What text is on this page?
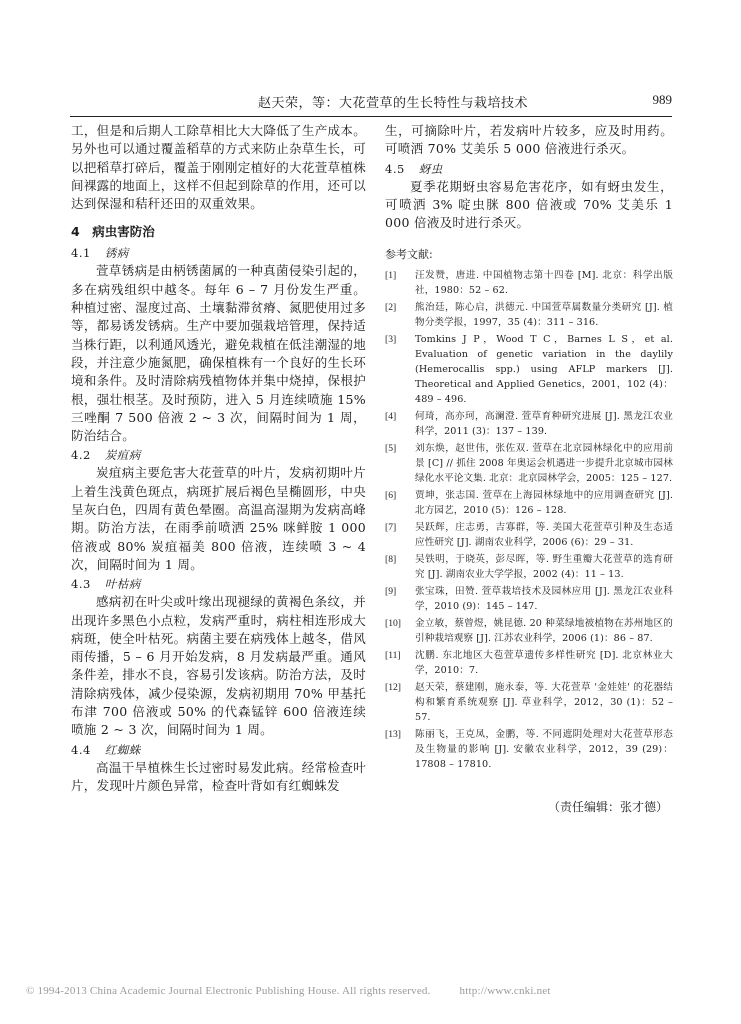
赵天荣，等：大花萱草的生长特性与栽培技术	989

工，但是和后期人工除草相比大大降低了生产成本。另外也可以通过覆盖稻草的方式来防止杂草生长，可以把稻草打碎后，覆盖于刚刚定植好的大花萱草植株间裸露的地面上，这样不但起到除草的作用，还可以达到保湿和秸秆还田的双重效果。

4　病虫害防治
4.1 锈病

萱草锈病是由柄锈菌属的一种真菌侵染引起的，多在病残组织中越冬。每年 6 – 7 月份发生严重。种植过密、湿度过高、土壤黏滞贫瘠、氮肥使用过多等，都易诱发锈病。生产中要加强栽培管理，保持适当株行距，以利通风透光，避免栽植在低洼潮湿的地段，并注意少施氮肥，确保植株有一个良好的生长环境和条件。及时清除病残植物体并集中烧掉，保根护根，强壮根茎。及时预防，进入 5 月连续喷施 15% 三唑酮 7 500 倍液 2 ~ 3 次，间隔时间为 1 周，防治结合。

4.2 炭疽病

炭疽病主要危害大花萱草的叶片，发病初期叶片上着生浅黄色斑点，病斑扩展后褐色呈椭圆形，中央呈灰白色，四周有黄色晕圈。高温高湿期为发病高峰期。防治方法，在雨季前喷洒 25% 咪鲜胺 1 000倍液或 80% 炭疽福美 800 倍液，连续喷 3 ~ 4 次，间隔时间为 1 周。

4.3 叶枯病

感病初在叶尖或叶缘出现褪绿的黄褐色条纹，并出现许多黑色小点粒，发病严重时，病柱相连形成大病斑，使全叶枯死。病菌主要在病残体上越冬，借风雨传播，5 – 6 月开始发病，8 月发病最严重。通风条件差，排水不良，容易引发该病。防治方法，及时清除病残体，减少侵染源，发病初期用 70% 甲基托布津 700 倍液或 50% 的代森锰锌 600 倍液连续喷施 2 ~ 3 次，间隔时间为 1 周。

4.4 红蜘蛛

高温干旱植株生长过密时易发此病。经常检查叶片，发现叶片颜色异常，检查叶背如有红蜘蛛发

生，可摘除叶片，若发病叶片较多，应及时用药。可喷洒 70% 艾美乐 5 000 倍液进行杀灭。

4.5 蚜虫

夏季花期蚜虫容易危害花序，如有蚜虫发生，可喷洒 3% 啶虫脒 800 倍液或 70% 艾美乐 1 000 倍液及时进行杀灭。

参考文献:
[1]	汪发赞，唐进. 中国植物志第十四卷 [M]. 北京：科学出版社，1980：52 – 62.
[2]	熊治廷，陈心启，洪德元. 中国萱草属数量分类研究 [J]. 植物分类学报，1997，35 (4)：311 – 316.
[3]	Tomkins J P，Wood T C，Barnes L S，et al. Evaluation of genetic variation in the daylily (Hemerocallis spp.) using AFLP markers [J]. Theoretical and Applied Genetics，2001，102 (4)：489 – 496.
[4]	何琦，高亦珂，高澜澄. 萱草育种研究进展 [J]. 黑龙江农业科学，2011 (3)：137 – 139.
[5]	刘东焕，赵世伟，张佐双. 萱草在北京园林绿化中的应用前景 [C] // 抓住 2008 年奥运会机遇进一步提升北京城市园林绿化水平论文集. 北京：北京园林学会，2005：125 – 127.
[6]	贾坤，张志国. 萱草在上海园林绿地中的应用调查研究 [J]. 北方园艺，2010 (5)：126 – 128.
[7]	吴跃辉，庄志勇，吉寡群，等. 美国大花萱草引种及生态适应性研究 [J]. 湖南农业科学，2006 (6)：29 – 31.
[8]	吴铁明，于晓英，彭尽晖，等. 野生重瓣大花萱草的选育研究 [J]. 湖南农业大学学报，2002 (4)：11 – 13.
[9]	张宝珠，田赞. 萱草栽培技术及园林应用 [J]. 黑龙江农业科学，2010 (9)：145 – 147.
[10]	金立敏，蔡曾煜，姚昆德. 20 种菜绿地被植物在苏州地区的引种栽培观察 [J]. 江苏农业科学，2006 (1)：86 – 87.
[11]	沈鹏. 东北地区大苞萱草遗传多样性研究 [D]. 北京林业大学，2010：7.
[12]	赵天荣，蔡建刚，施永泰，等. 大花萱草 '金娃娃' 的花器结构和繁育系统观察 [J]. 草业科学，2012，30 (1)：52 – 57.
[13]	陈丽飞，王克凤，金鹏，等. 不同遮阴处理对大花萱草形态及生物量的影响 [J]. 安徽农业科学，2012，39 (29)：17808 – 17810.
（责任编辑：张才德）
© 1994-2013 China Academic Journal Electronic Publishing House. All rights reserved.	http://www.cnki.net
